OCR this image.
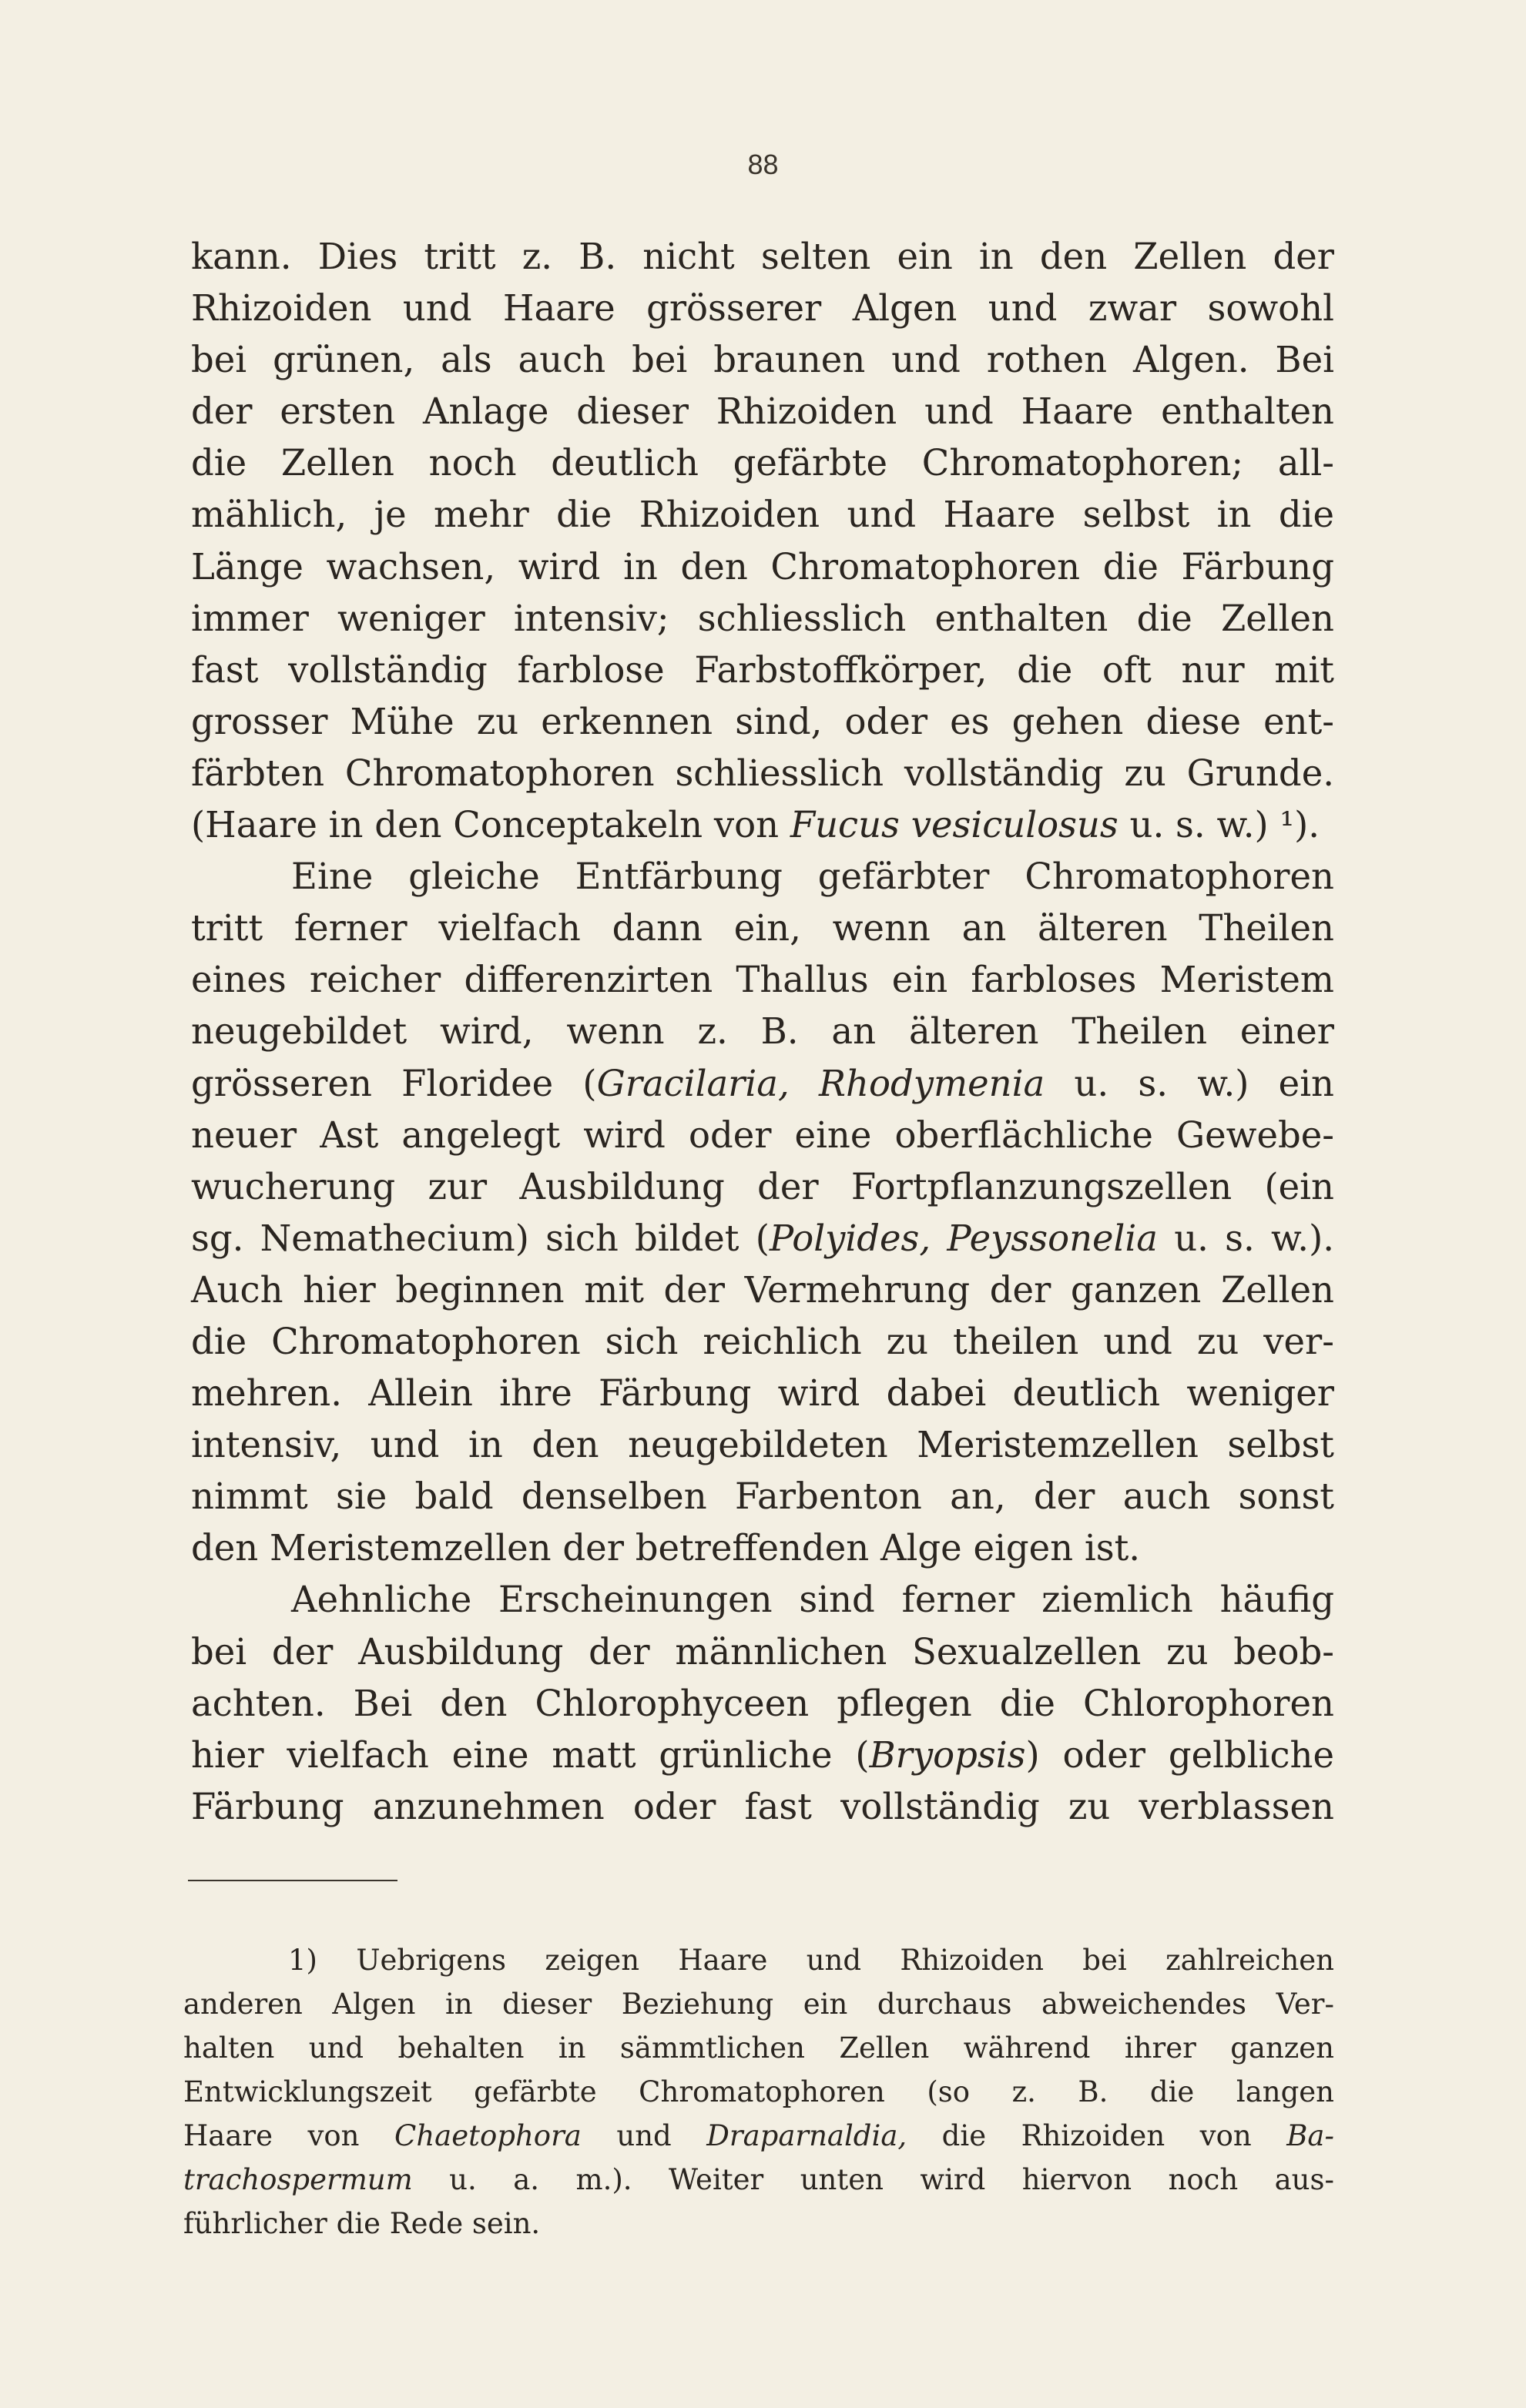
88
kann. Dies tritt z. B. nicht selten ein in den Zellen der
Rhizoiden und Haare grösserer Algen und zwar sowohl
bei grünen, als auch bei braunen und rothen Algen. Bei
der ersten Anlage dieser Rhizoiden und Haare enthalten
die Zellen noch deutlich gefärbte Chromatophoren; all-
mählich, je mehr die Rhizoiden und Haare selbst in die
Länge wachsen, wird in den Chromatophoren die Färbung
immer weniger intensiv; schliesslich enthalten die Zellen
fast vollständig farblose Farbstoffkörper, die oft nur mit
grosser Mühe zu erkennen sind, oder es gehen diese ent-
färbten Chromatophoren schliesslich vollständig zu Grunde.
(Haare in den Conceptakeln von Fucus vesiculosus u. s. w.) ¹).
Eine gleiche Entfärbung gefärbter Chromatophoren
tritt ferner vielfach dann ein, wenn an älteren Theilen
eines reicher differenzirten Thallus ein farbloses Meristem
neugebildet wird, wenn z. B. an älteren Theilen einer
grösseren Floridee (Gracilaria, Rhodymenia u. s. w.) ein
neuer Ast angelegt wird oder eine oberflächliche Gewebe-
wucherung zur Ausbildung der Fortpflanzungszellen (ein
sg. Nemathecium) sich bildet (Polyides, Peyssonelia u. s. w.).
Auch hier beginnen mit der Vermehrung der ganzen Zellen
die Chromatophoren sich reichlich zu theilen und zu ver-
mehren. Allein ihre Färbung wird dabei deutlich weniger
intensiv, und in den neugebildeten Meristemzellen selbst
nimmt sie bald denselben Farbenton an, der auch sonst
den Meristemzellen der betreffenden Alge eigen ist.
Aehnliche Erscheinungen sind ferner ziemlich häufig
bei der Ausbildung der männlichen Sexualzellen zu beob-
achten. Bei den Chlorophyceen pflegen die Chlorophoren
hier vielfach eine matt grünliche (Bryopsis) oder gelbliche
Färbung anzunehmen oder fast vollständig zu verblassen
1) Uebrigens zeigen Haare und Rhizoiden bei zahlreichen
anderen Algen in dieser Beziehung ein durchaus abweichendes Ver-
halten und behalten in sämmtlichen Zellen während ihrer ganzen
Entwicklungszeit gefärbte Chromatophoren (so z. B. die langen
Haare von Chaetophora und Draparnaldia, die Rhizoiden von Ba-
trachospermum u. a. m.). Weiter unten wird hiervon noch aus-
führlicher die Rede sein.
